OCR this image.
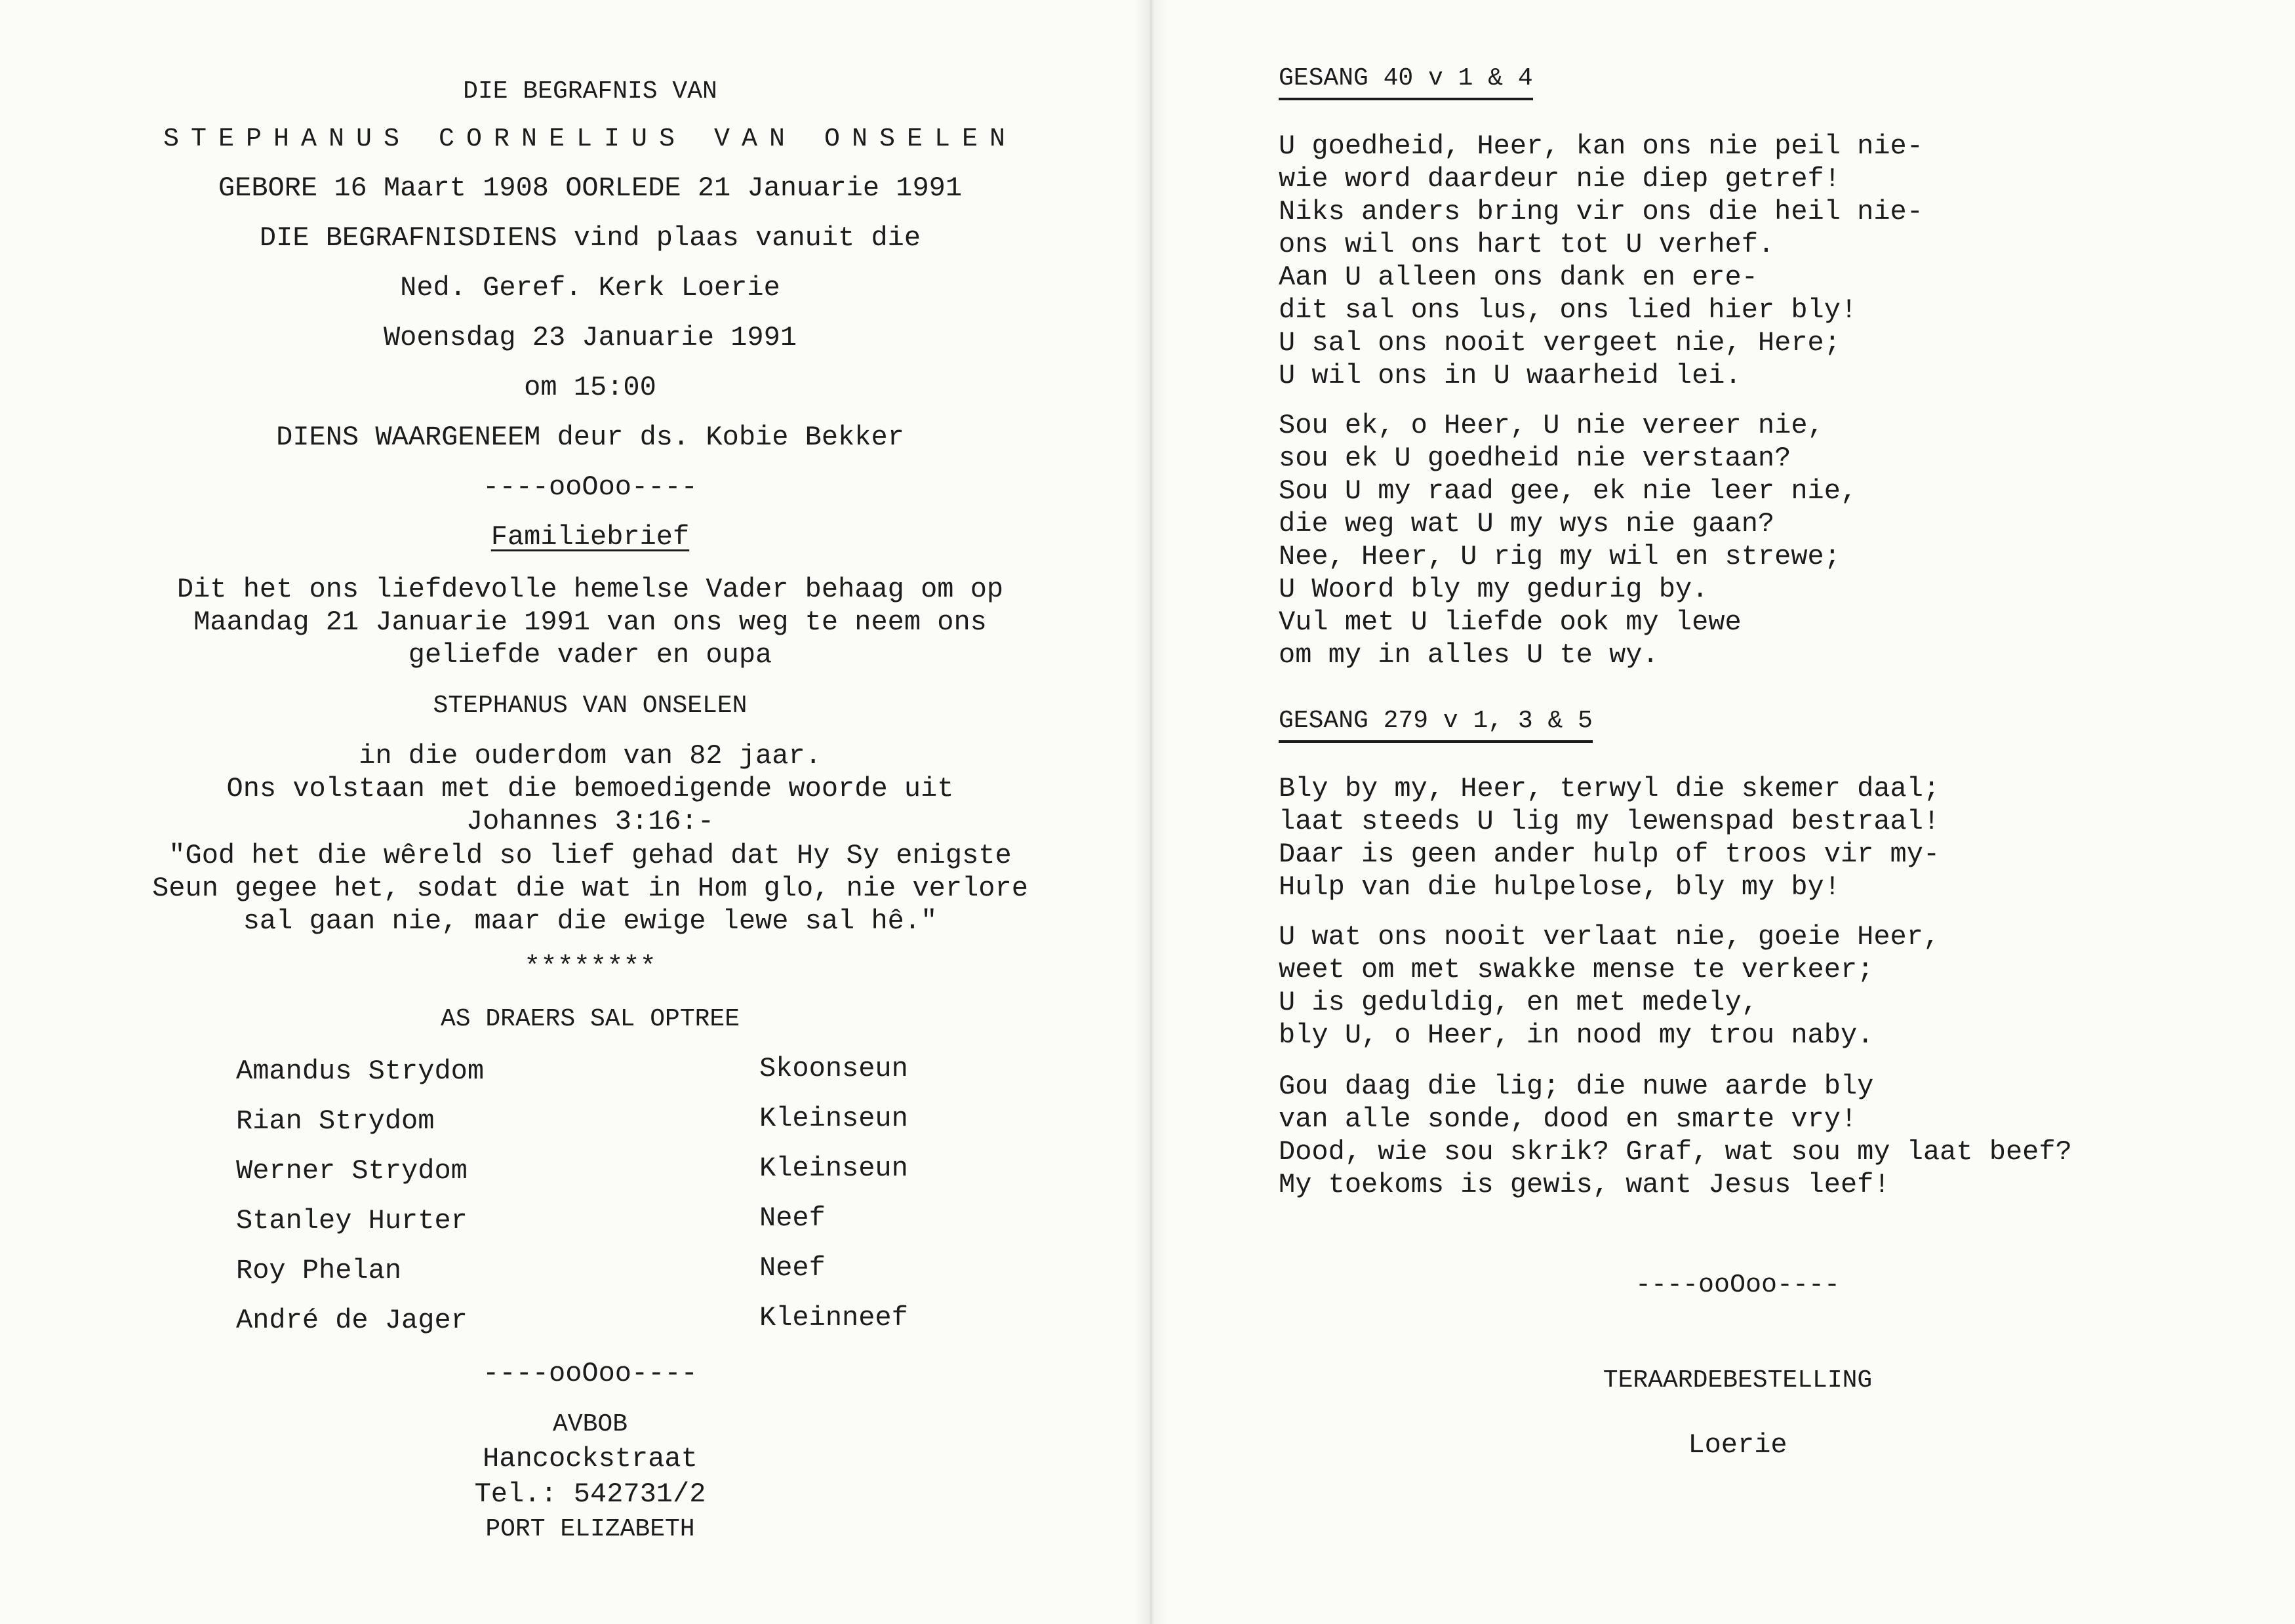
DIE BEGRAFNIS VAN
STEPHANUS CORNELIUS VAN ONSELEN
GEBORE 16 Maart 1908 OORLEDE 21 Januarie 1991
DIE BEGRAFNISDIENS vind plaas vanuit die
Ned. Geref. Kerk Loerie
Woensdag 23 Januarie 1991
om 15:00
DIENS WAARGENEEM deur ds. Kobie Bekker
----ooOoo----
Familiebrief
Dit het ons liefdevolle hemelse Vader behaag om op
Maandag 21 Januarie 1991 van ons weg te neem ons
geliefde vader en oupa
STEPHANUS VAN ONSELEN
in die ouderdom van 82 jaar.
Ons volstaan met die bemoedigende woorde uit
Johannes 3:16:-
"God het die wêreld so lief gehad dat Hy Sy enigste
Seun gegee het, sodat die wat in Hom glo, nie verlore
sal gaan nie, maar die ewige lewe sal hê."
********
AS DRAERS SAL OPTREE
Amandus Strydom	Skoonseun
Rian Strydom	Kleinseun
Werner Strydom	Kleinseun
Stanley Hurter	Neef
Roy Phelan	Neef
André de Jager	Kleinneef
----ooOoo----
AVBOB
Hancockstraat
Tel.: 542731/2
PORT ELIZABETH
GESANG 40 v 1 & 4
U goedheid, Heer, kan ons nie peil nie-
wie word daardeur nie diep getref!
Niks anders bring vir ons die heil nie-
ons wil ons hart tot U verhef.
Aan U alleen ons dank en ere-
dit sal ons lus, ons lied hier bly!
U sal ons nooit vergeet nie, Here;
U wil ons in U waarheid lei.
Sou ek, o Heer, U nie vereer nie,
sou ek U goedheid nie verstaan?
Sou U my raad gee, ek nie leer nie,
die weg wat U my wys nie gaan?
Nee, Heer, U rig my wil en strewe;
U Woord bly my gedurig by.
Vul met U liefde ook my lewe
om my in alles U te wy.
GESANG 279 v 1, 3 & 5
Bly by my, Heer, terwyl die skemer daal;
laat steeds U lig my lewenspad bestraal!
Daar is geen ander hulp of troos vir my-
Hulp van die hulpelose, bly my by!
U wat ons nooit verlaat nie, goeie Heer,
weet om met swakke mense te verkeer;
U is geduldig, en met medely,
bly U, o Heer, in nood my trou naby.
Gou daag die lig; die nuwe aarde bly
van alle sonde, dood en smarte vry!
Dood, wie sou skrik? Graf, wat sou my laat beef?
My toekoms is gewis, want Jesus leef!
----ooOoo----
TERAARDEBESTELLING
Loerie
